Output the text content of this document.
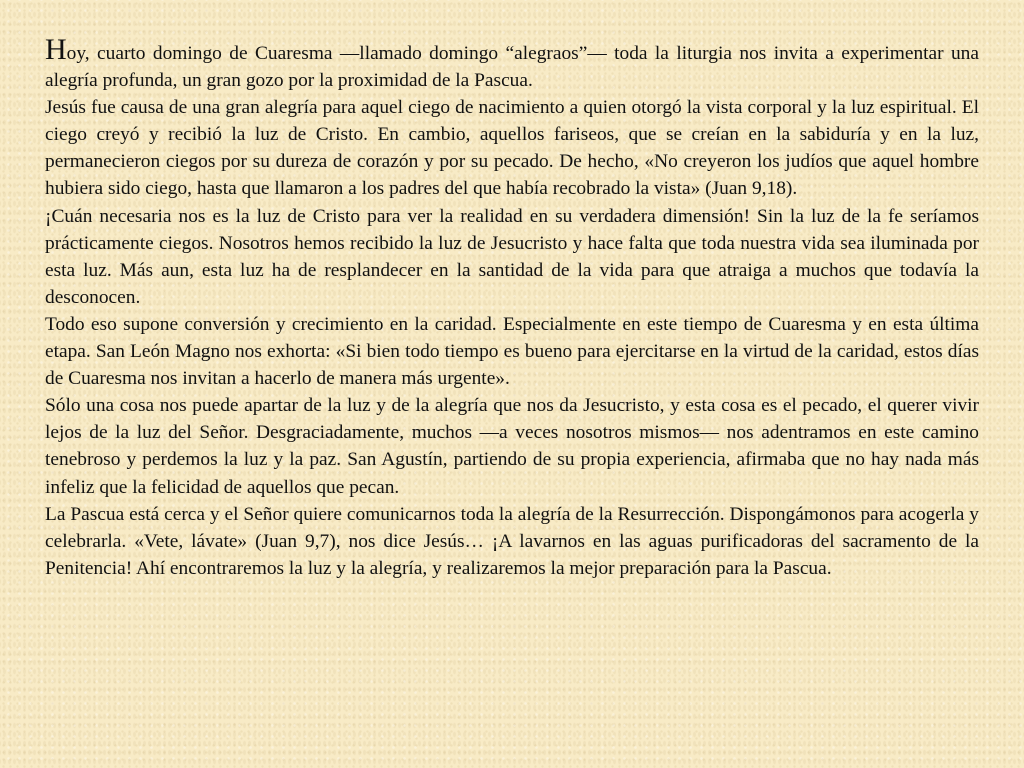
Hoy, cuarto domingo de Cuaresma —llamado domingo “alegraos”— toda la liturgia nos invita a experimentar una alegría profunda, un gran gozo por la proximidad de la Pascua.

Jesús fue causa de una gran alegría para aquel ciego de nacimiento a quien otorgó la vista corporal y la luz espiritual. El ciego creyó y recibió la luz de Cristo. En cambio, aquellos fariseos, que se creían en la sabiduría y en la luz, permanecieron ciegos por su dureza de corazón y por su pecado. De hecho, «No creyeron los judíos que aquel hombre hubiera sido ciego, hasta que llamaron a los padres del que había recobrado la vista» (Juan 9,18).

¡Cuán necesaria nos es la luz de Cristo para ver la realidad en su verdadera dimensión! Sin la luz de la fe seríamos prácticamente ciegos. Nosotros hemos recibido la luz de Jesucristo y hace falta que toda nuestra vida sea iluminada por esta luz. Más aun, esta luz ha de resplandecer en la santidad de la vida para que atraiga a muchos que todavía la desconocen.

Todo eso supone conversión y crecimiento en la caridad. Especialmente en este tiempo de Cuaresma y en esta última etapa. San León Magno nos exhorta: «Si bien todo tiempo es bueno para ejercitarse en la virtud de la caridad, estos días de Cuaresma nos invitan a hacerlo de manera más urgente».

Sólo una cosa nos puede apartar de la luz y de la alegría que nos da Jesucristo, y esta cosa es el pecado, el querer vivir lejos de la luz del Señor. Desgraciadamente, muchos —a veces nosotros mismos— nos adentramos en este camino tenebroso y perdemos la luz y la paz. San Agustín, partiendo de su propia experiencia, afirmaba que no hay nada más infeliz que la felicidad de aquellos que pecan.

La Pascua está cerca y el Señor quiere comunicarnos toda la alegría de la Resurrección. Dispongámonos para acogerla y celebrarla. «Vete, lávate» (Juan 9,7), nos dice Jesús… ¡A lavarnos en las aguas purificadoras del sacramento de la Penitencia! Ahí encontraremos la luz y la alegría, y realizaremos la mejor preparación para la Pascua.
